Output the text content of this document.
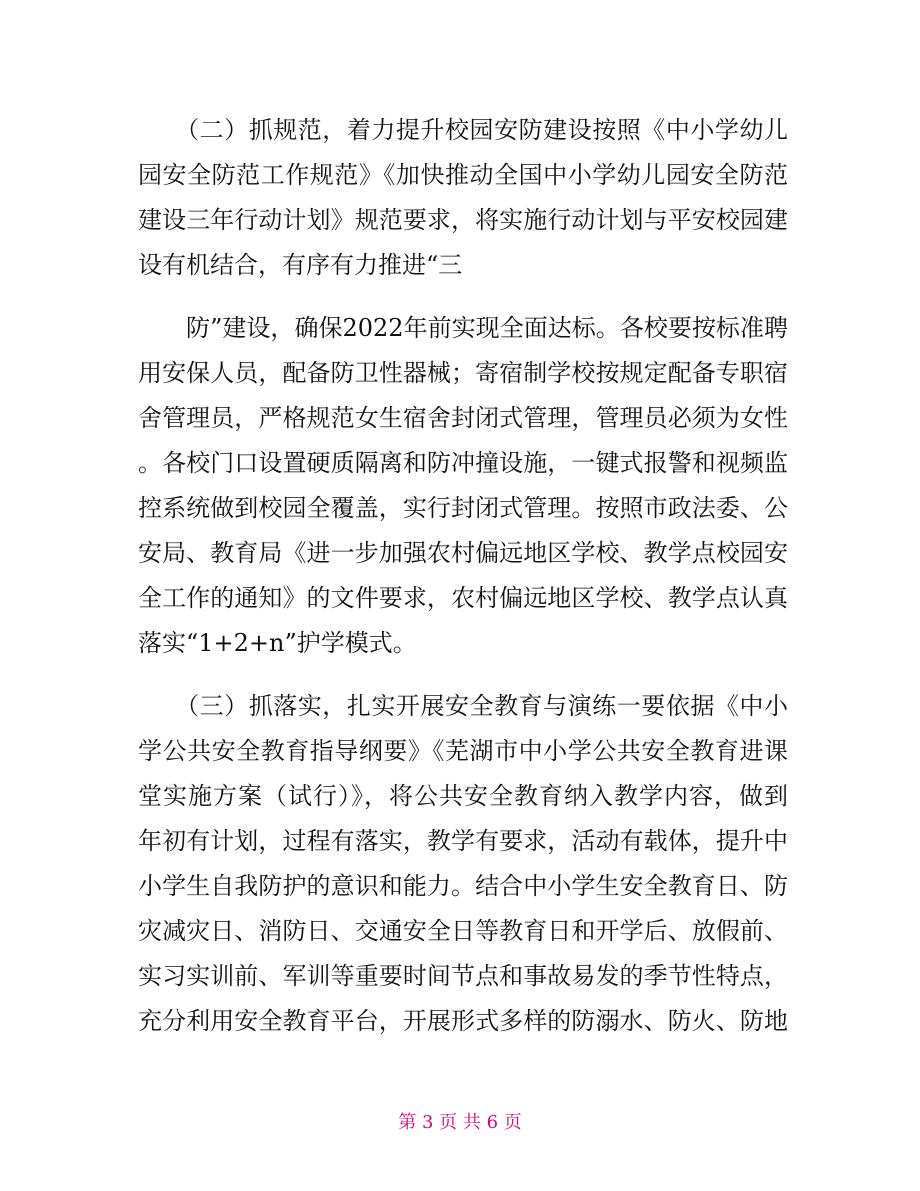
　　（二）抓规范，着力提升校园安防建设按照《中小学幼儿
园安全防范工作规范》《加快推动全国中小学幼儿园安全防范
建设三年行动计划》规范要求，将实施行动计划与平安校园建
设有机结合，有序有力推进“三
　　防”建设，确保2022年前实现全面达标。各校要按标准聘
用安保人员，配备防卫性器械；寄宿制学校按规定配备专职宿
舍管理员，严格规范女生宿舍封闭式管理，管理员必须为女性
。各校门口设置硬质隔离和防冲撞设施，一键式报警和视频监
控系统做到校园全覆盖，实行封闭式管理。按照市政法委、公
安局、教育局《进一步加强农村偏远地区学校、教学点校园安
全工作的通知》的文件要求，农村偏远地区学校、教学点认真
落实“1+2+n”护学模式。
　　（三）抓落实，扎实开展安全教育与演练一要依据《中小
学公共安全教育指导纲要》《芜湖市中小学公共安全教育进课
堂实施方案（试行）》，将公共安全教育纳入教学内容，做到
年初有计划，过程有落实，教学有要求，活动有载体，提升中
小学生自我防护的意识和能力。结合中小学生安全教育日、防
灾减灾日、消防日、交通安全日等教育日和开学后、放假前、
实习实训前、军训等重要时间节点和事故易发的季节性特点，
充分利用安全教育平台，开展形式多样的防溺水、防火、防地
第 3 页 共 6 页
